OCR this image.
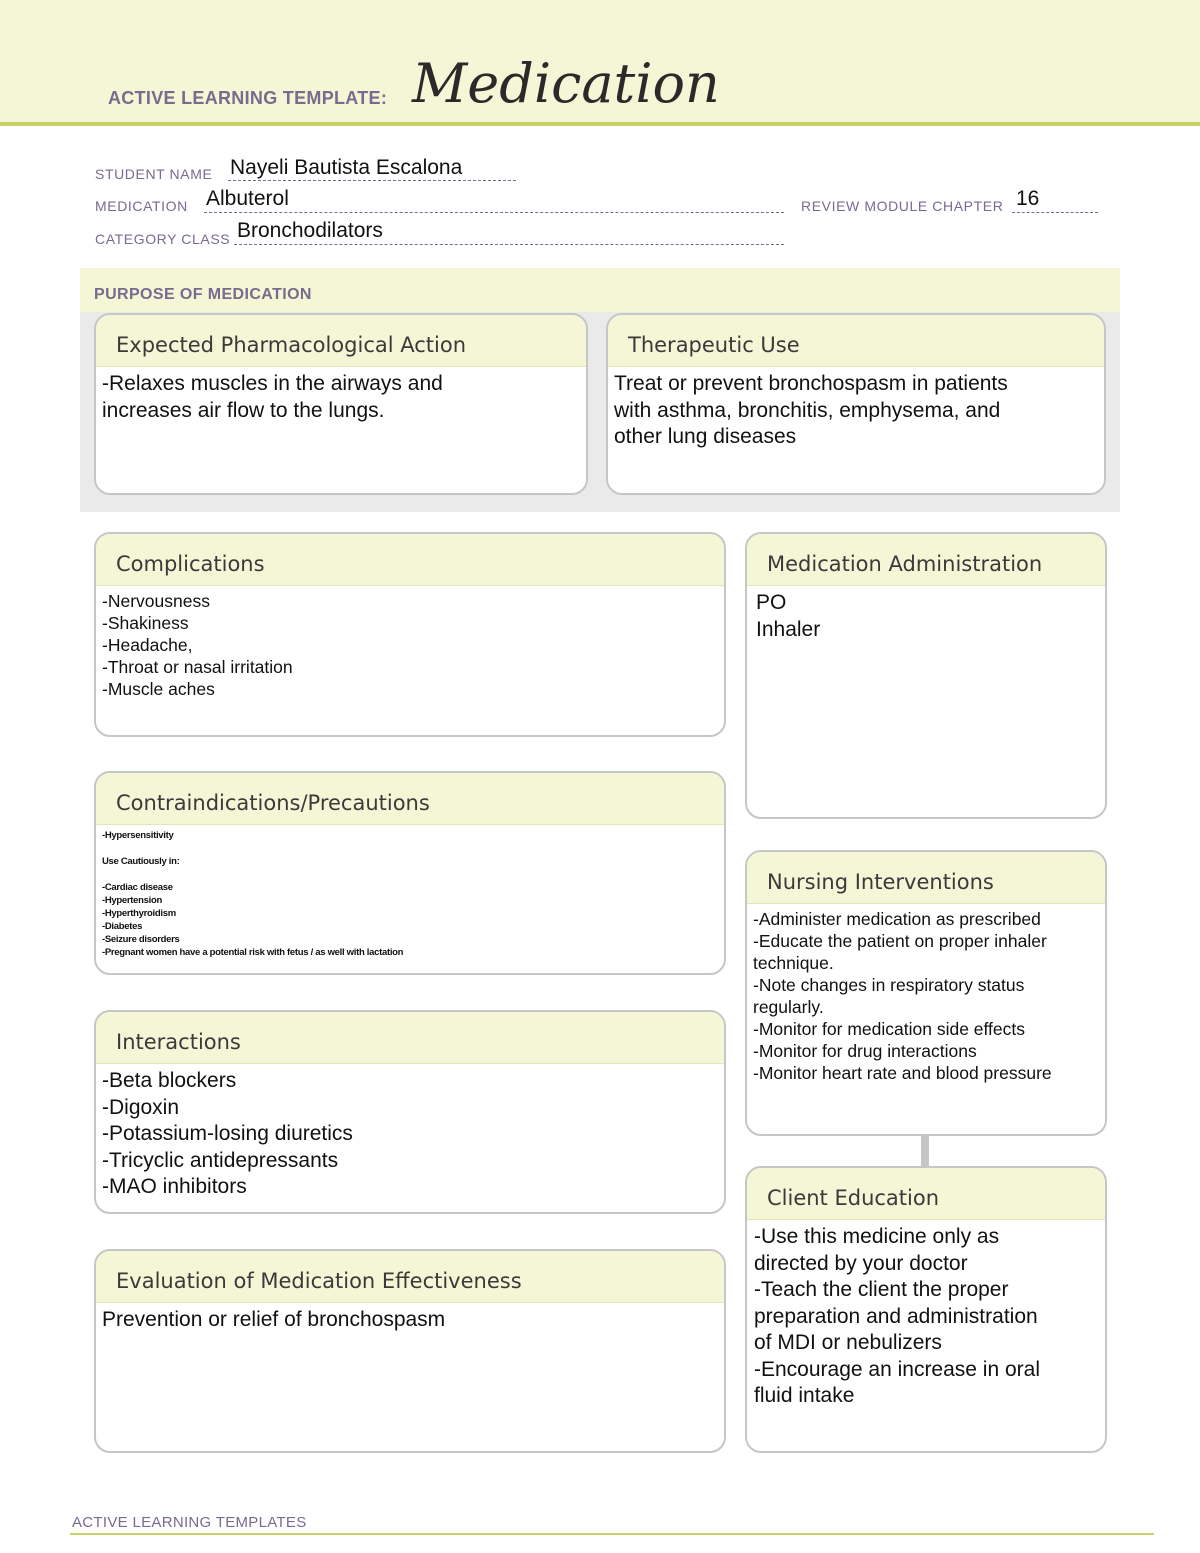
ACTIVE LEARNING TEMPLATE: Medication
STUDENT NAME Nayeli Bautista Escalona
MEDICATION Albuterol	REVIEW MODULE CHAPTER 16
CATEGORY CLASS Bronchodilators
PURPOSE OF MEDICATION
Expected Pharmacological Action
-Relaxes muscles in the airways and
increases air flow to the lungs.
Therapeutic Use
Treat or prevent bronchospasm in patients
with asthma, bronchitis, emphysema, and
other lung diseases
Complications
-Nervousness
-Shakiness
-Headache,
-Throat or nasal irritation
-Muscle aches
Medication Administration
PO
Inhaler
Contraindications/Precautions
-Hypersensitivity

Use Cautiously in:

-Cardiac disease
-Hypertension
-Hyperthyroidism
-Diabetes
-Seizure disorders
-Pregnant women have a potential risk with fetus / as well with lactation
Nursing Interventions
-Administer medication as prescribed
-Educate the patient on proper inhaler
technique.
-Note changes in respiratory status
regularly.
-Monitor for medication side effects
-Monitor for drug interactions
-Monitor heart rate and blood pressure
Interactions
-Beta blockers
-Digoxin
-Potassium-losing diuretics
-Tricyclic antidepressants
-MAO inhibitors	Client Education
-Use this medicine only as
directed by your doctor
-Teach the client the proper
preparation and administration
of MDI or nebulizers
-Encourage an increase in oral
fluid intake
Evaluation of Medication Effectiveness
Prevention or relief of bronchospasm
ACTIVE LEARNING TEMPLATES
